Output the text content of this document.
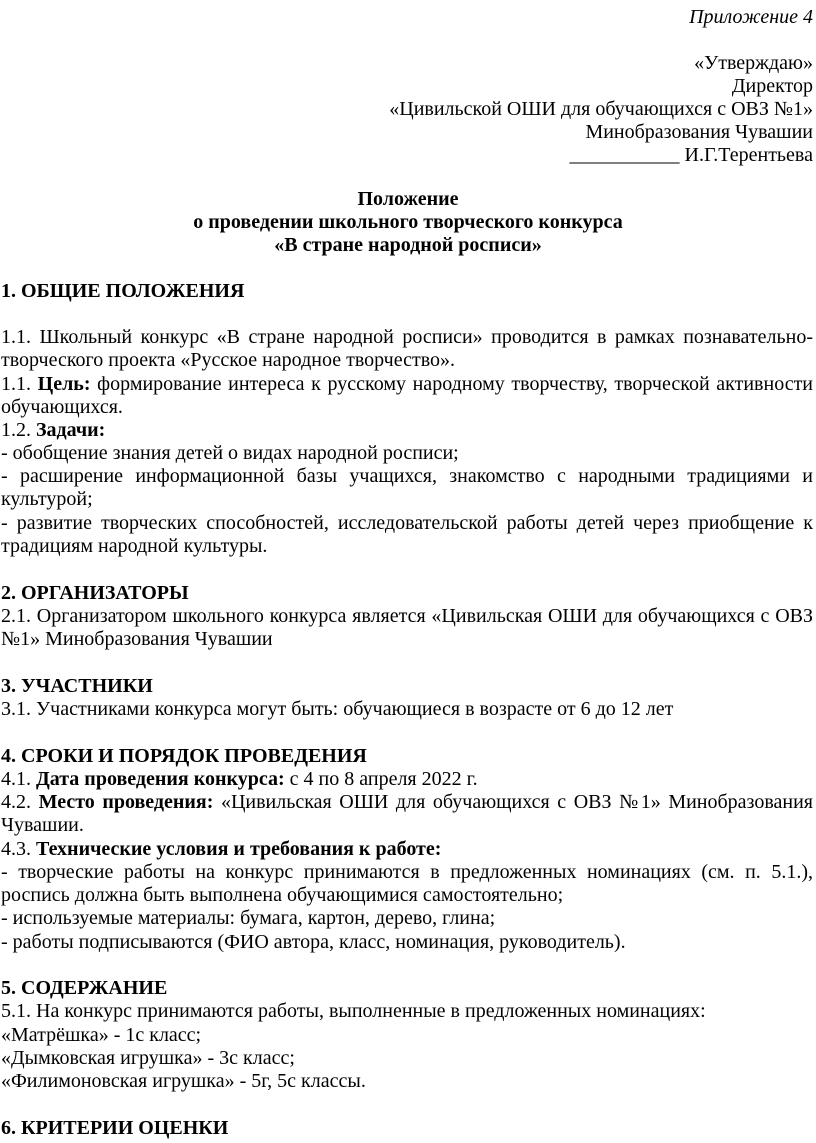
Приложение 4

«Утверждаю»

Директор

«Цивильской ОШИ для обучающихся с ОВЗ №1»

Минобразования Чувашии

___________ И.Г.Терентьева

Положение

о проведении школьного творческого конкурса

«В стране народной росписи»

1. ОБЩИЕ ПОЛОЖЕНИЯ

1.1. Школьный конкурс «В стране народной росписи» проводится в рамках познавательно-

творческого проекта «Русское народное творчество».

1.1. Цель: формирование интереса к русскому народному творчеству, творческой активности

обучающихся.

1.2. Задачи:

- обобщение знания детей о видах народной росписи;

- расширение информационной базы учащихся, знакомство с народными традициями и

культурой;

- развитие творческих способностей, исследовательской работы детей через приобщение к

традициям народной культуры.

2. ОРГАНИЗАТОРЫ

2.1. Организатором школьного конкурса является «Цивильская ОШИ для обучающихся с ОВЗ

№1» Минобразования Чувашии

3. УЧАСТНИКИ

3.1. Участниками конкурса могут быть: обучающиеся в возрасте от 6 до 12 лет

4. СРОКИ И ПОРЯДОК ПРОВЕДЕНИЯ

4.1. Дата проведения конкурса: с 4 по 8 апреля 2022 г.

4.2. Место проведения: «Цивильская ОШИ для обучающихся с ОВЗ №1» Минобразования

Чувашии.

4.3. Технические условия и требования к работе:

- творческие работы на конкурс принимаются в предложенных номинациях (см. п. 5.1.),

роспись должна быть выполнена обучающимися самостоятельно;

- используемые материалы: бумага, картон, дерево, глина;

- работы подписываются (ФИО автора, класс, номинация, руководитель).

5. СОДЕРЖАНИЕ

5.1. На конкурс принимаются работы, выполненные в предложенных номинациях:

«Матрёшка» - 1с класс;

«Дымковская игрушка» - 3с класс;

«Филимоновская игрушка» - 5г, 5с классы.

6. КРИТЕРИИ ОЦЕНКИ
